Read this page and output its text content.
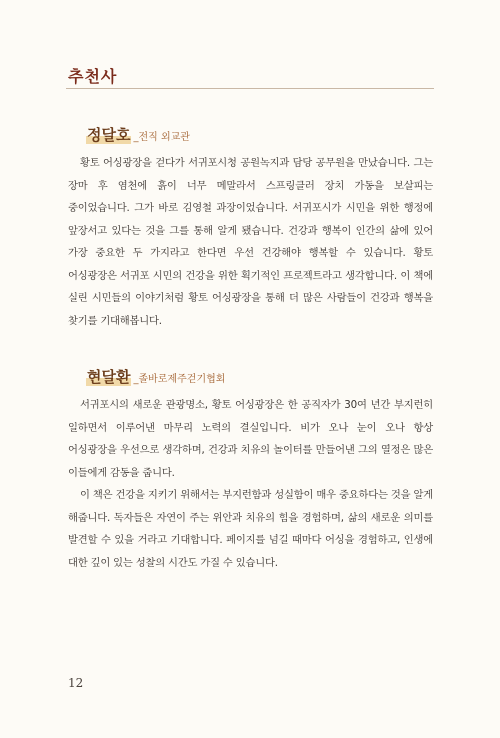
추천사
정달호 _전직 외교관

황토 어싱광장을 걷다가 서귀포시청 공원녹지과 담당 공무원을 만났습니다. 그는 장마 후 염천에 흙이 너무 메말라서 스프링클러 장치 가동을 보살피는 중이었습니다. 그가 바로 김영철 과장이었습니다. 서귀포시가 시민을 위한 행정에 앞장서고 있다는 것을 그를 통해 알게 됐습니다. 건강과 행복이 인간의 삶에 있어 가장 중요한 두 가지라고 한다면 우선 건강해야 행복할 수 있습니다. 황토 어싱광장은 서귀포 시민의 건강을 위한 획기적인 프로젝트라고 생각합니다. 이 책에 실린 시민들의 이야기처럼 황토 어싱광장을 통해 더 많은 사람들이 건강과 행복을 찾기를 기대해봅니다.

현달환 _졸바로제주걷기협회

서귀포시의 새로운 관광명소, 황토 어싱광장은 한 공직자가 30여 년간 부지런히 일하면서 이루어낸 마무리 노력의 결실입니다. 비가 오나 눈이 오나 항상 어싱광장을 우선으로 생각하며, 건강과 치유의 놀이터를 만들어낸 그의 열정은 많은 이들에게 감동을 줍니다.

이 책은 건강을 지키기 위해서는 부지런함과 성실함이 매우 중요하다는 것을 알게 해줍니다. 독자들은 자연이 주는 위안과 치유의 힘을 경험하며, 삶의 새로운 의미를 발견할 수 있을 거라고 기대합니다. 페이지를 넘길 때마다 어싱을 경험하고, 인생에 대한 깊이 있는 성찰의 시간도 가질 수 있습니다.

12
